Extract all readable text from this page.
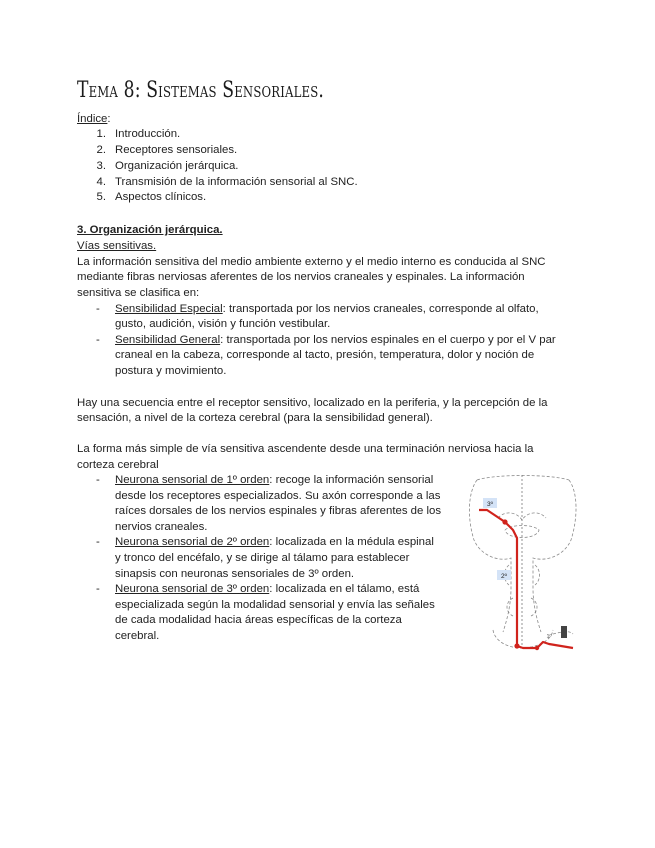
Tema 8: Sistemas Sensoriales.
Índice:
1. Introducción.
2. Receptores sensoriales.
3. Organización jerárquica.
4. Transmisión de la información sensorial al SNC.
5. Aspectos clínicos.
3. Organización jerárquica.
Vías sensitivas.
La información sensitiva del medio ambiente externo y el medio interno es conducida al SNC
mediante fibras nerviosas aferentes de los nervios craneales y espinales. La información
sensitiva se clasifica en:
- Sensibilidad Especial: transportada por los nervios craneales, corresponde al olfato,
gusto, audición, visión y función vestibular.
- Sensibilidad General: transportada por los nervios espinales en el cuerpo y por el V par
craneal en la cabeza, corresponde al tacto, presión, temperatura, dolor y noción de
postura y movimiento.
Hay una secuencia entre el receptor sensitivo, localizado en la periferia, y la percepción de la
sensación, a nivel de la corteza cerebral (para la sensibilidad general).
La forma más simple de vía sensitiva ascendente desde una terminación nerviosa hacia la
corteza cerebral
- Neurona sensorial de 1º orden: recoge la información sensorial
desde los receptores especializados. Su axón corresponde a las
raíces dorsales de los nervios espinales y fibras aferentes de los
nervios craneales.
- Neurona sensorial de 2º orden: localizada en la médula espinal
y tronco del encéfalo, y se dirige al tálamo para establecer
sinapsis con neuronas sensoriales de 3º orden.
- Neurona sensorial de 3º orden: localizada en el tálamo, está
especializada según la modalidad sensorial y envía las señales
de cada modalidad hacia áreas específicas de la corteza
cerebral.
3º
2º
1º
